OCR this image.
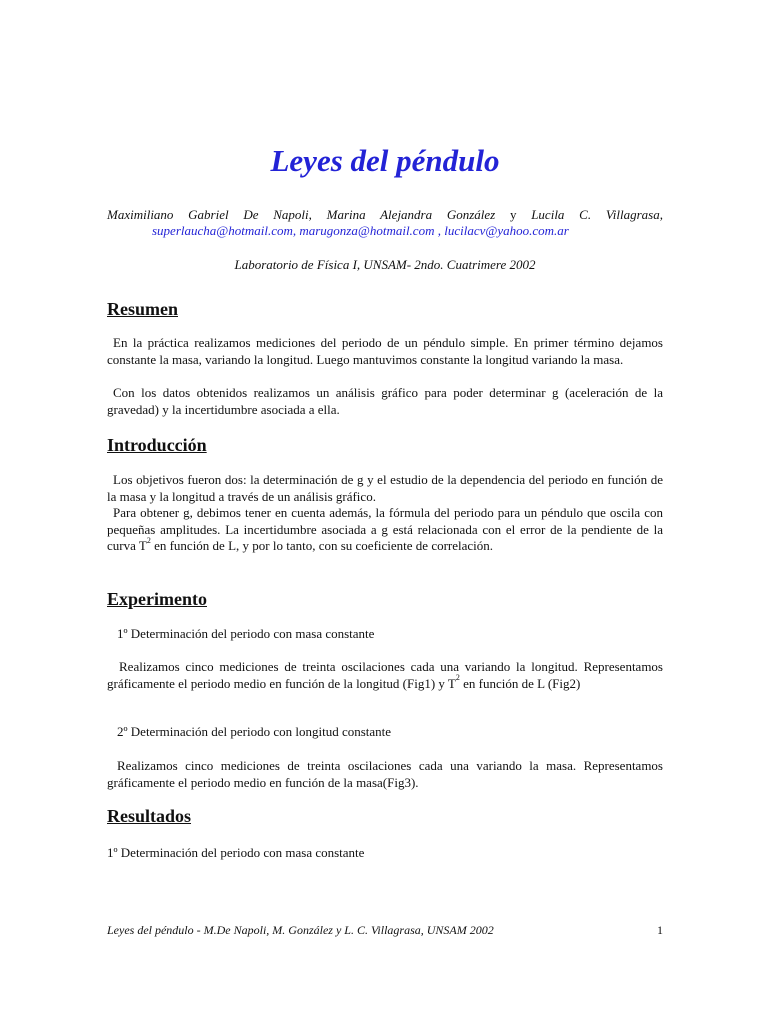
Leyes del péndulo
Maximiliano Gabriel De Napoli, Marina Alejandra González y Lucila C. Villagrasa,
superlaucha@hotmail.com, marugonza@hotmail.com , lucilacv@yahoo.com.ar
Laboratorio de Física I, UNSAM- 2ndo. Cuatrimere 2002
Resumen

En la práctica realizamos mediciones del periodo de un péndulo simple. En primer término dejamos constante la masa, variando la longitud. Luego mantuvimos constante la longitud variando la masa.

Con los datos obtenidos realizamos un análisis gráfico para poder determinar g (aceleración de la gravedad) y la incertidumbre asociada a ella.

Introducción

Los objetivos fueron dos: la determinación de g y el estudio de la dependencia del periodo en función de la masa y la longitud a través de un análisis gráfico.

Para obtener g, debimos tener en cuenta además, la fórmula del periodo para un péndulo que oscila con pequeñas amplitudes. La incertidumbre asociada a g está relacionada con el error de la pendiente de la curva $T^2$ en función de L, y por lo tanto, con su coeficiente de correlación.

Experimento

1º Determinación del periodo con masa constante

Realizamos cinco mediciones de treinta oscilaciones cada una variando la longitud. Representamos gráficamente el periodo medio en función de la longitud (Fig1) y $T^2$ en función de L (Fig2)

2º Determinación del periodo con longitud constante

Realizamos cinco mediciones de treinta oscilaciones cada una variando la masa. Representamos gráficamente el periodo medio en función de la masa(Fig3).

Resultados

1º Determinación del periodo con masa constante

Leyes del péndulo - M.De Napoli, M. González y L. C. Villagrasa, UNSAM 2002	1
